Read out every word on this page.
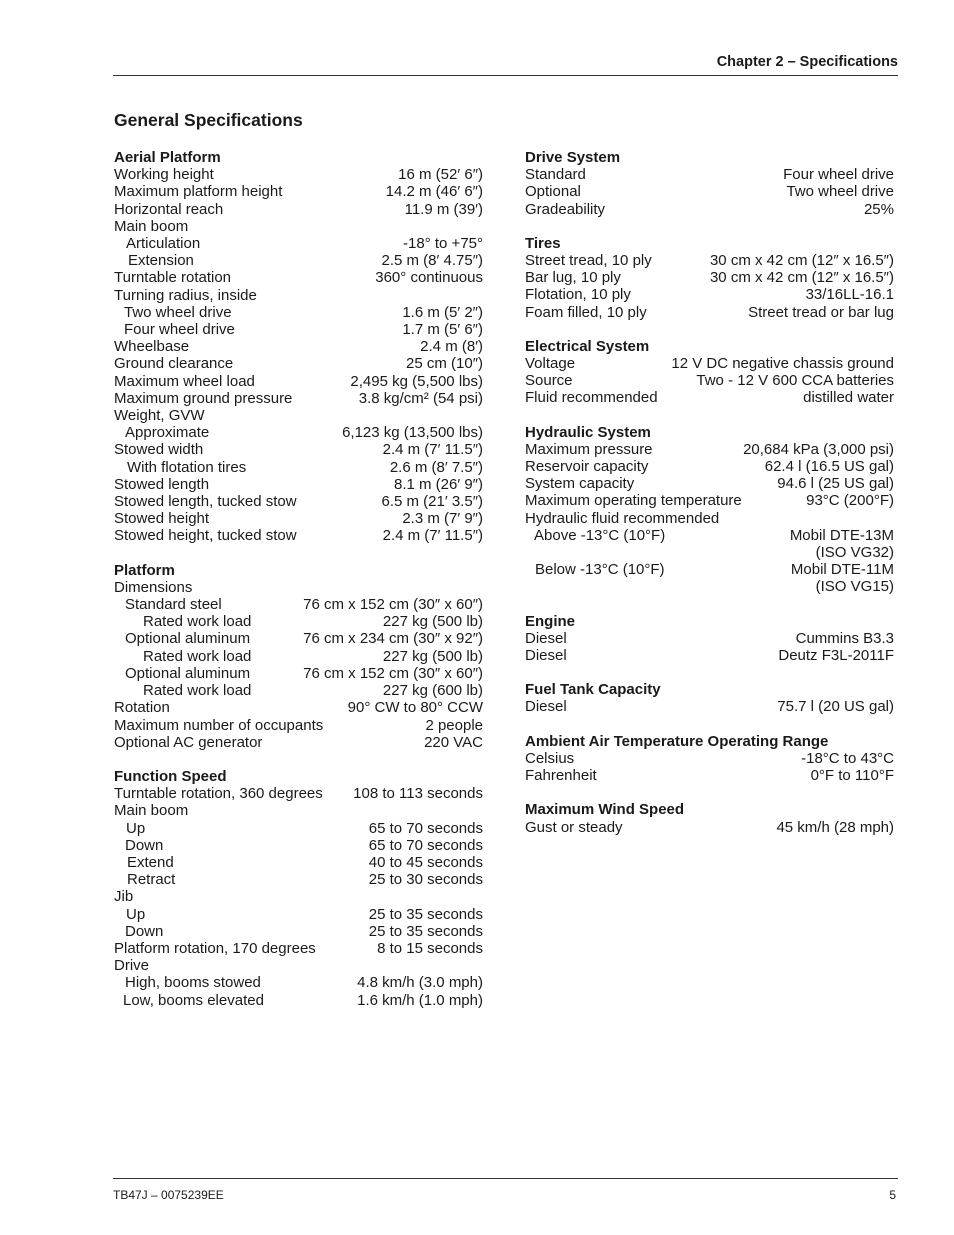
Chapter 2 – Specifications
General Specifications
Aerial Platform
Working height	16 m (52′ 6″)
Maximum platform height	14.2 m (46′ 6″)
Horizontal reach	11.9 m (39′)
Main boom
Articulation	-18° to +75°
Extension	2.5 m (8′ 4.75″)
Turntable rotation	360° continuous
Turning radius, inside
Two wheel drive	1.6 m (5′ 2″)
Four wheel drive	1.7 m (5′ 6″)
Wheelbase	2.4 m (8′)
Ground clearance	25 cm (10″)
Maximum wheel load	2,495 kg (5,500 lbs)
Maximum ground pressure	3.8 kg/cm² (54 psi)
Weight, GVW
Approximate	6,123 kg (13,500 lbs)
Stowed width	2.4 m (7′ 11.5″)
With flotation tires	2.6 m (8′ 7.5″)
Stowed length	8.1 m (26′ 9″)
Stowed length, tucked stow	6.5 m (21′ 3.5″)
Stowed height	2.3 m (7′ 9″)
Stowed height, tucked stow	2.4 m (7′ 11.5″)
Platform
Dimensions
Standard steel	76 cm x 152 cm (30″ x 60″)
Rated work load	227 kg (500 lb)
Optional aluminum	76 cm x 234 cm (30″ x 92″)
Rated work load	227 kg (500 lb)
Optional aluminum	76 cm x 152 cm (30″ x 60″)
Rated work load	227 kg (600 lb)
Rotation	90° CW to 80° CCW
Maximum number of occupants	2 people
Optional AC generator	220 VAC
Function Speed
Turntable rotation, 360 degrees 108 to 113 seconds
Main boom
Up	65 to 70 seconds
Down	65 to 70 seconds
Extend	40 to 45 seconds
Retract	25 to 30 seconds
Jib
Up	25 to 35 seconds
Down	25 to 35 seconds
Platform rotation, 170 degrees	8 to 15 seconds
Drive
High, booms stowed	4.8 km/h (3.0 mph)
Low, booms elevated	1.6 km/h (1.0 mph)
Drive System
Standard	Four wheel drive
Optional	Two wheel drive
Gradeability	25%
Tires
Street tread, 10 ply	30 cm x 42 cm (12″ x 16.5″)
Bar lug, 10 ply	30 cm x 42 cm (12″ x 16.5″)
Flotation, 10 ply	33/16LL-16.1
Foam filled, 10 ply	Street tread or bar lug
Electrical System
Voltage	12 V DC negative chassis ground
Source	Two - 12 V 600 CCA batteries
Fluid recommended	distilled water
Hydraulic System
Maximum pressure	20,684 kPa (3,000 psi)
Reservoir capacity	62.4 l (16.5 US gal)
System capacity	94.6 l (25 US gal)
Maximum operating temperature	93°C (200°F)
Hydraulic fluid recommended
Above -13°C (10°F)	Mobil DTE-13M
(ISO VG32)
Below -13°C (10°F)	Mobil DTE-11M
(ISO VG15)
Engine
Diesel	Cummins B3.3
Diesel	Deutz F3L-2011F
Fuel Tank Capacity
Diesel	75.7 l (20 US gal)
Ambient Air Temperature Operating Range
Celsius	-18°C to 43°C
Fahrenheit	0°F to 110°F
Maximum Wind Speed
Gust or steady	45 km/h (28 mph)
TB47J – 0075239EE	5
